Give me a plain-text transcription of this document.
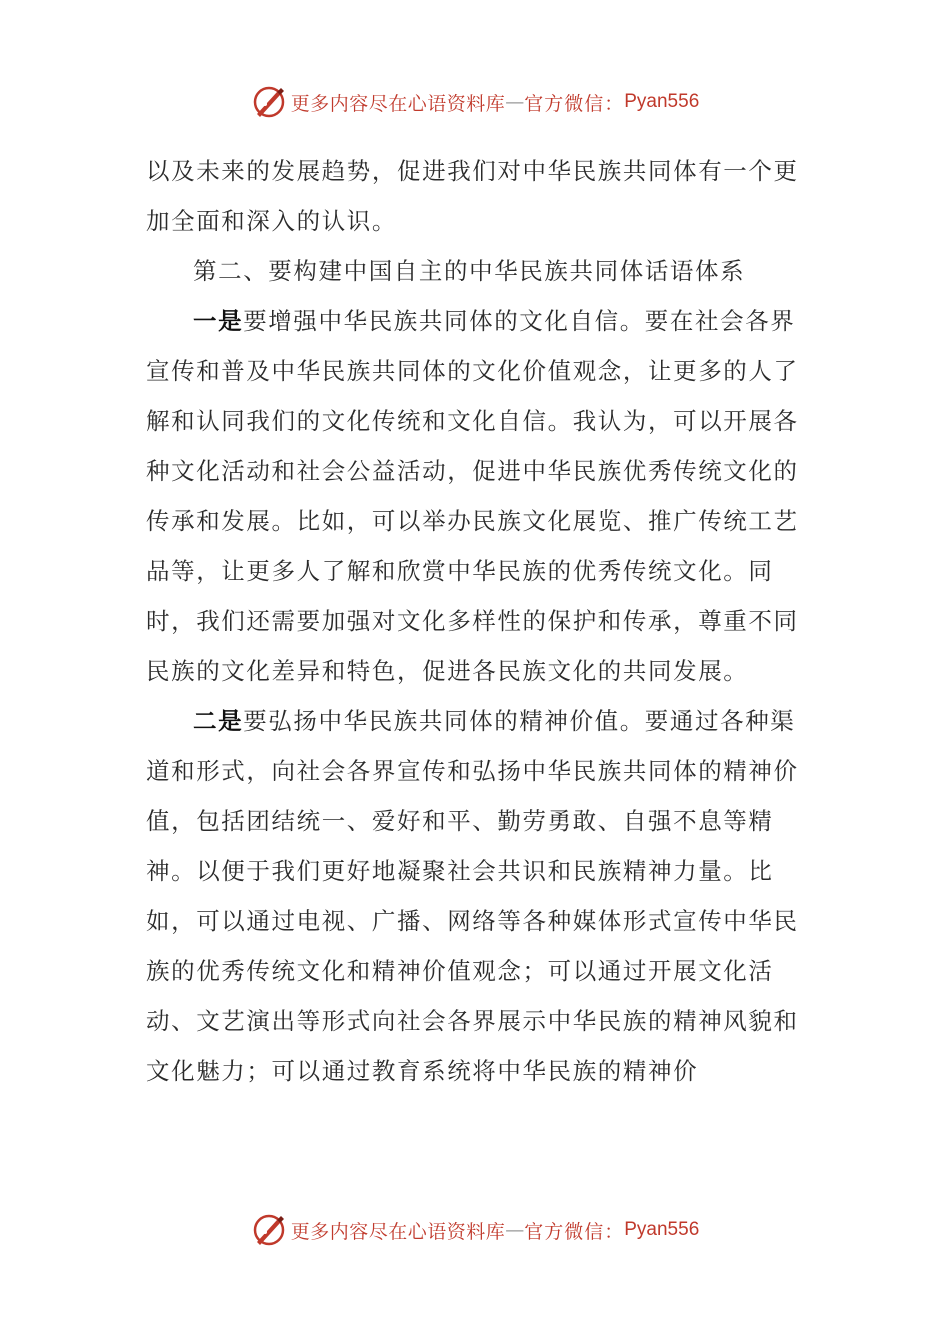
更多内容尽在心语资料库 — 官方微信： Pyan556

以及未来的发展趋势，促进我们对中华民族共同体有一个更加全面和深入的认识。

第二、要构建中国自主的中华民族共同体话语体系

一是要增强中华民族共同体的文化自信。要在社会各界宣传和普及中华民族共同体的文化价值观念，让更多的人了解和认同我们的文化传统和文化自信。我认为，可以开展各种文化活动和社会公益活动，促进中华民族优秀传统文化的传承和发展。比如，可以举办民族文化展览、推广传统工艺品等，让更多人了解和欣赏中华民族的优秀传统文化。同时，我们还需要加强对文化多样性的保护和传承，尊重不同民族的文化差异和特色，促进各民族文化的共同发展。

二是要弘扬中华民族共同体的精神价值。要通过各种渠道和形式，向社会各界宣传和弘扬中华民族共同体的精神价值，包括团结统一、爱好和平、勤劳勇敢、自强不息等精神。以便于我们更好地凝聚社会共识和民族精神力量。比如，可以通过电视、广播、网络等各种媒体形式宣传中华民族的优秀传统文化和精神价值观念；可以通过开展文化活动、文艺演出等形式向社会各界展示中华民族的精神风貌和文化魅力；可以通过教育系统将中华民族的精神价

更多内容尽在心语资料库 — 官方微信： Pyan556
